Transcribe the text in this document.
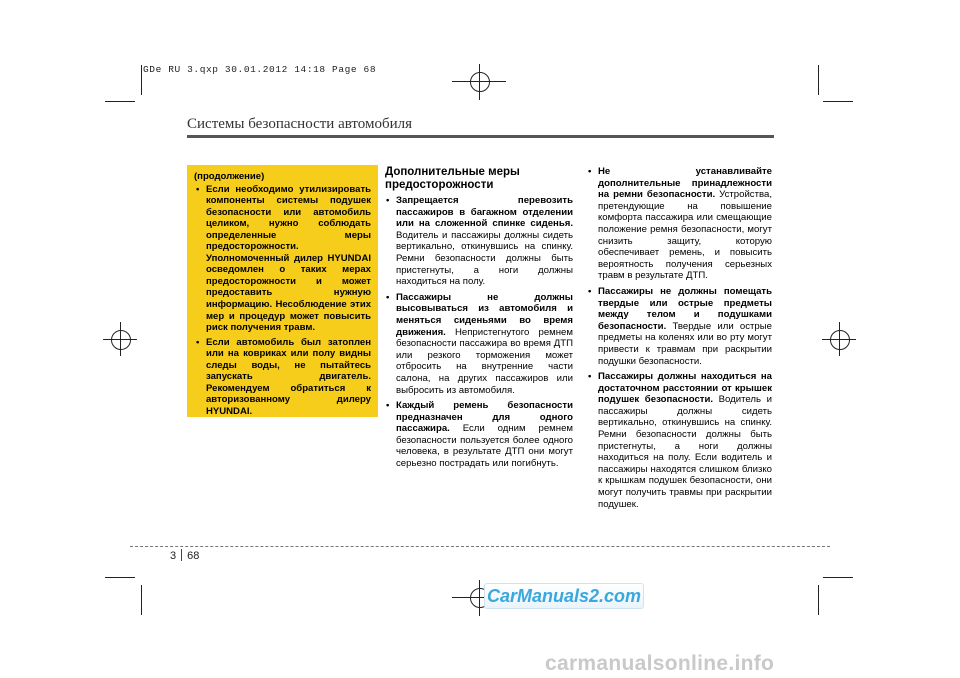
GDe RU 3.qxp 30.01.2012 14:18 Page 68
Системы безопасности автомобиля
(продолжение)
• Если необходимо утилизировать компоненты системы подушек безопасности или автомобиль целиком, нужно соблюдать определенные меры предосторожности. Уполномоченный дилер HYUNDAI осведомлен о таких мерах предосторожности и может предоставить нужную информацию. Несоблюдение этих мер и процедур может повысить риск получения травм.
• Если автомобиль был затоплен или на ковриках или полу видны следы воды, не пытайтесь запускать двигатель. Рекомендуем обратиться к авторизованному дилеру HYUNDAI.
Дополнительные меры предосторожности
• Запрещается перевозить пассажиров в багажном отделении или на сложенной спинке сиденья. Водитель и пассажиры должны сидеть вертикально, откинувшись на спинку. Ремни безопасности должны быть пристегнуты, а ноги должны находиться на полу.
• Пассажиры не должны высовываться из автомобиля и меняться сиденьями во время движения. Непристегнутого ремнем безопасности пассажира во время ДТП или резкого торможения может отбросить на внутренние части салона, на других пассажиров или выбросить из автомобиля.
• Каждый ремень безопасности предназначен для одного пассажира. Если одним ремнем безопасности пользуется более одного человека, в результате ДТП они могут серьезно пострадать или погибнуть.
• Не устанавливайте дополнительные принадлежности на ремни безопасности. Устройства, претендующие на повышение комфорта пассажира или смещающие положение ремня безопасности, могут снизить защиту, которую обеспечивает ремень, и повысить вероятность получения серьезных травм в результате ДТП.
• Пассажиры не должны помещать твердые или острые предметы между телом и подушками безопасности. Твердые или острые предметы на коленях или во рту могут привести к травмам при раскрытии подушки безопасности.
• Пассажиры должны находиться на достаточном расстоянии от крышек подушек безопасности. Водитель и пассажиры должны сидеть вертикально, откинувшись на спинку. Ремни безопасности должны быть пристегнуты, а ноги должны находиться на полу. Если водитель и пассажиры находятся слишком близко к крышкам подушек безопасности, они могут получить травмы при раскрытии подушек.
3 68
CarManuals2.com
carmanualsonline.info
